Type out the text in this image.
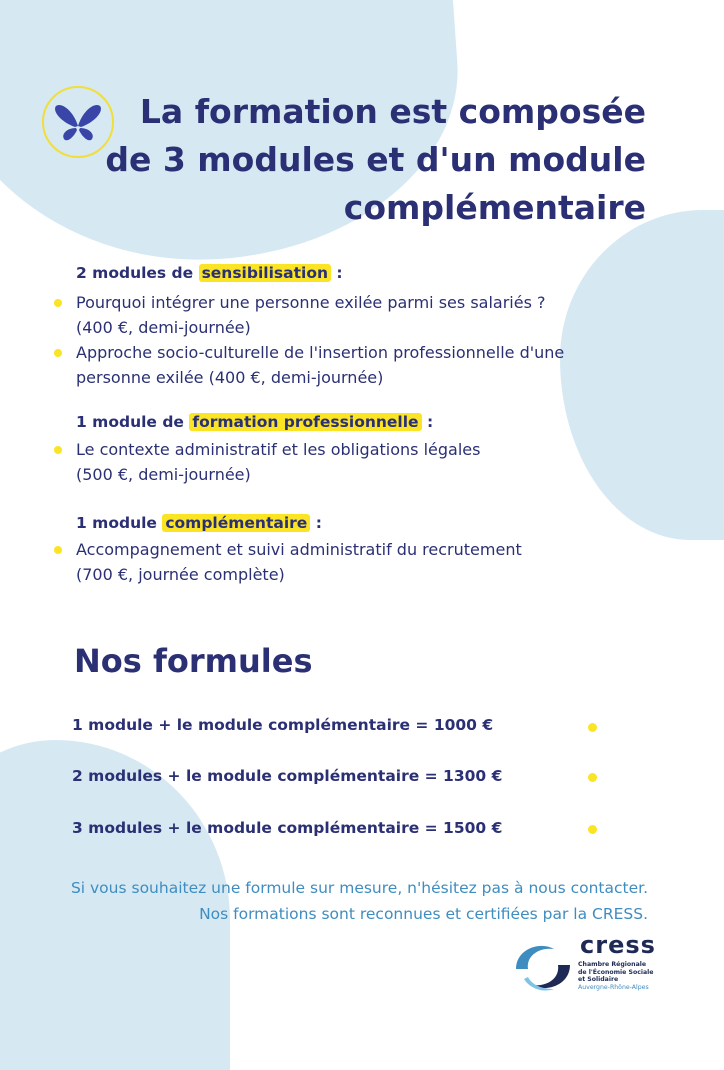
La formation est composée
de 3 modules et d'un module
complémentaire
2 modules de sensibilisation :
Pourquoi intégrer une personne exilée parmi ses salariés ?
(400 €, demi-journée)
Approche socio-culturelle de l'insertion professionnelle d'une
personne exilée (400 €, demi-journée)
1 module de formation professionnelle :
Le contexte administratif et les obligations légales
(500 €, demi-journée)
1 module complémentaire :
Accompagnement et suivi administratif du recrutement
(700 €, journée complète)
Nos formules
1 module + le module complémentaire = 1000 €
2 modules + le module complémentaire = 1300 €
3 modules + le module complémentaire = 1500 €
Si vous souhaitez une formule sur mesure, n'hésitez pas à nous contacter.
Nos formations sont reconnues et certifiées par la CRESS.
cress
Chambre Régionale
de l'Économie Sociale
et Solidaire
Auvergne-Rhône-Alpes
